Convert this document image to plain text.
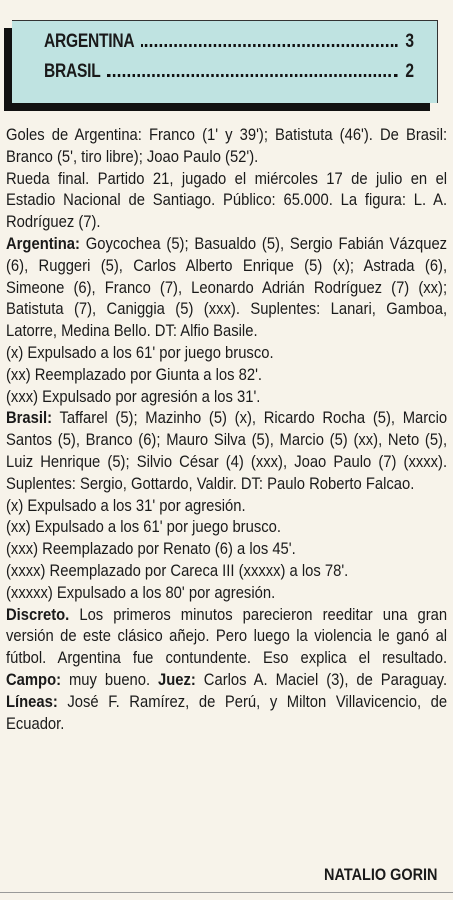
ARGENTINA	3
BRASIL	2

Goles de Argentina: Franco (1' y 39'); Batistuta (46'). De Brasil: Branco (5', tiro libre); Joao Paulo (52').

Rueda final. Partido 21, jugado el miércoles 17 de julio en el Estadio Nacional de Santiago. Público: 65.000. La figura: L. A. Rodríguez (7).

Argentina: Goycochea (5); Basualdo (5), Sergio Fabián Vázquez (6), Ruggeri (5), Carlos Alberto Enrique (5) (x); Astrada (6), Simeone (6), Franco (7), Leonardo Adrián Rodríguez (7) (xx); Batistuta (7), Caniggia (5) (xxx). Suplentes: Lanari, Gamboa, Latorre, Medina Bello. DT: Alfio Basile.

(x) Expulsado a los 61' por juego brusco.

(xx) Reemplazado por Giunta a los 82'.

(xxx) Expulsado por agresión a los 31'.

Brasil: Taffarel (5); Mazinho (5) (x), Ricardo Rocha (5), Marcio Santos (5), Branco (6); Mauro Silva (5), Marcio (5) (xx), Neto (5), Luiz Henrique (5); Silvio César (4) (xxx), Joao Paulo (7) (xxxx). Suplentes: Sergio, Gottardo, Valdir. DT: Paulo Roberto Falcao.

(x) Expulsado a los 31' por agresión.

(xx) Expulsado a los 61' por juego brusco.

(xxx) Reemplazado por Renato (6) a los 45'.

(xxxx) Reemplazado por Careca III (xxxxx) a los 78'.

(xxxxx) Expulsado a los 80' por agresión.

Discreto. Los primeros minutos parecieron reeditar una gran versión de este clásico añejo. Pero luego la violencia le ganó al fútbol. Argentina fue contundente. Eso explica el resultado. Campo: muy bueno. Juez: Carlos A. Maciel (3), de Paraguay. Líneas: José F. Ramírez, de Perú, y Milton Villavicencio, de Ecuador.

NATALIO GORIN
